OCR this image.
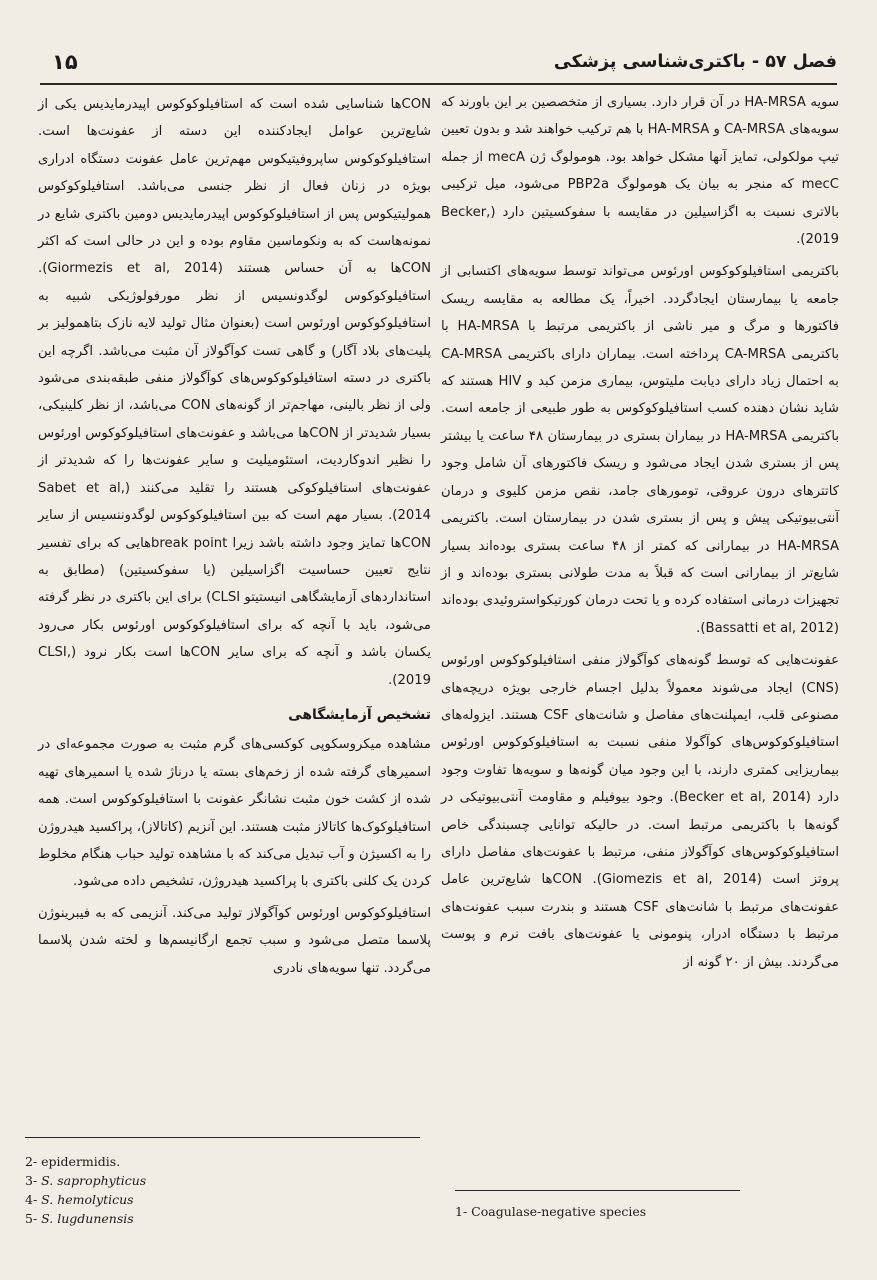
فصل ۵۷ - باکتری‌شناسی پزشکی
۱۵

سویه HA-MRSA در آن قرار دارد. بسیاری از متخصصین بر این باورند که سویه‌های CA-MRSA و HA-MRSA با هم ترکیب خواهند شد و بدون تعیین تیپ مولکولی، تمایز آنها مشکل خواهد بود. هومولوگ ژن mecA از جمله mecC که منجر به بیان یک هومولوگ PBP2a می‌شود، میل ترکیبی بالاتری نسبت به اگزاسیلین در مقایسه با سفوکسیتین دارد (Becker, 2019).

باکتریمی استافیلوکوکوس اورئوس می‌تواند توسط سویه‌های اکتسابی از جامعه یا بیمارستان ایجادگردد. اخیراً، یک مطالعه به مقایسه ریسک فاکتورها و مرگ و میر ناشی از باکتریمی مرتبط با HA-MRSA با باکتریمی CA-MRSA پرداخته است. بیماران دارای باکتریمی CA-MRSA به احتمال زیاد دارای دیابت ملیتوس، بیماری مزمن کبد و HIV هستند که شاید نشان دهنده کسب استافیلوکوکوس به طور طبیعی از جامعه است. باکتریمی HA-MRSA در بیماران بستری در بیمارستان ۴۸ ساعت یا بیشتر پس از بستری شدن ایجاد می‌شود و ریسک فاکتورهای آن شامل وجود کاتترهای درون عروقی، تومورهای جامد، نقص مزمن کلیوی و درمان آنتی‌بیوتیکی پیش و پس از بستری شدن در بیمارستان است. باکتریمی HA-MRSA در بیمارانی که کمتر از ۴۸ ساعت بستری بوده‌اند بسیار شایع‌تر از بیمارانی است که قبلاً به مدت طولانی بستری بوده‌اند و از تجهیزات درمانی استفاده کرده و یا تحت درمان کورتیکواستروئیدی بوده‌اند (Bassatti et al, 2012).

عفونت‌هایی که توسط گونه‌های کوآگولاز منفی استافیلوکوکوس اورئوس (CNS) ایجاد می‌شوند معمولاً بدلیل اجسام خارجی بویژه دریچه‌های مصنوعی قلب، ایمپلنت‌های مفاصل و شانت‌های CSF هستند. ایزوله‌های استافیلوکوکوس‌های کوآگولا منفی نسبت به استافیلوکوکوس اورئوس بیماریزایی کمتری دارند، با این وجود میان گونه‌ها و سویه‌ها تفاوت وجود دارد (Becker et al, 2014). وجود بیوفیلم و مقاومت آنتی‌بیوتیکی در گونه‌ها با باکتریمی مرتبط است. در حالیکه توانایی چسبندگی خاص استافیلوکوکوس‌های کوآگولاز منفی، مرتبط با عفونت‌های مفاصل دارای پروتز است (Giomezis et al, 2014). CONها شایع‌ترین عامل عفونت‌های مرتبط با شانت‌های CSF هستند و بندرت سبب عفونت‌های مرتبط با دستگاه ادرار، پنومونی یا عفونت‌های بافت نرم و پوست می‌گردند. بیش از ۲۰ گونه از

CONها شناسایی شده است که استافیلوکوکوس اپیدرمایدیس یکی از شایع‌ترین عوامل ایجادکننده این دسته از عفونت‌ها است. استافیلوکوکوس ساپروفیتیکوس مهم‌ترین عامل عفونت دستگاه ادراری بویژه در زنان فعال از نظر جنسی می‌باشد. استافیلوکوکوس همولیتیکوس پس از استافیلوکوکوس اپیدرمایدیس دومین باکتری شایع در نمونه‌هاست که به ونکوماسین مقاوم بوده و این در حالی است که اکثر CONها به آن حساس هستند (Giormezis et al, 2014). استافیلوکوکوس لوگدونسیس از نظر مورفولوژیکی شبیه به استافیلوکوکوس اورئوس است (بعنوان مثال تولید لایه نازک بتاهمولیز بر پلیت‌های بلاد آگار) و گاهی تست کوآگولاز آن مثبت می‌باشد. اگرچه این باکتری در دسته استافیلوکوکوس‌های کوآگولاز منفی طبقه‌بندی می‌شود ولی از نظر بالینی، مهاجم‌تر از گونه‌های CON می‌باشد، از نظر کلینیکی، بسیار شدیدتر از CONها می‌باشد و عفونت‌های استافیلوکوکوس اورئوس را نظیر اندوکاردیت، استئومیلیت و سایر عفونت‌ها را که شدیدتر از عفونت‌های استافیلوکوکی هستند را تقلید می‌کنند (Sabet et al, 2014). بسیار مهم است که بین استافیلوکوکوس لوگدوننسیس از سایر CONها تمایز وجود داشته باشد زیرا break pointهایی که برای تفسیر نتایج تعیین حساسیت اگزاسیلین (یا سفوکسیتین) (مطابق به استانداردهای آزمایشگاهی انیستیتو CLSI) برای این باکتری در نظر گرفته می‌شود، باید با آنچه که برای استافیلوکوکوس اورئوس بکار می‌رود یکسان باشد و آنچه که برای سایر CONها است بکار نرود (CLSI, 2019).

تشخیص آزمایشگاهی

مشاهده میکروسکوپی کوکسی‌های گرم مثبت به صورت مجموعه‌ای در اسمیرهای گرفته شده از زخم‌های بسته یا درناژ شده یا اسمیرهای تهیه شده از کشت خون مثبت نشانگر عفونت با استافیلوکوکوس است. همه استافیلوکوک‌ها کاتالاز مثبت هستند. این آنزیم (کاتالاز)، پراکسید هیدروژن را به اکسیژن و آب تبدیل می‌کند که با مشاهده تولید حباب هنگام مخلوط کردن یک کلنی باکتری با پراکسید هیدروژن، تشخیص داده می‌شود.

استافیلوکوکوس اورئوس کوآگولاز تولید می‌کند. آنزیمی که به فیبرینوژن پلاسما متصل می‌شود و سبب تجمع ارگانیسم‌ها و لخته شدن پلاسما می‌گردد. تنها سویه‌های نادری

2- epidermidis.

3- S. saprophyticus

4- S. hemolyticus

5- S. lugdunensis	1- Coagulase-negative species
